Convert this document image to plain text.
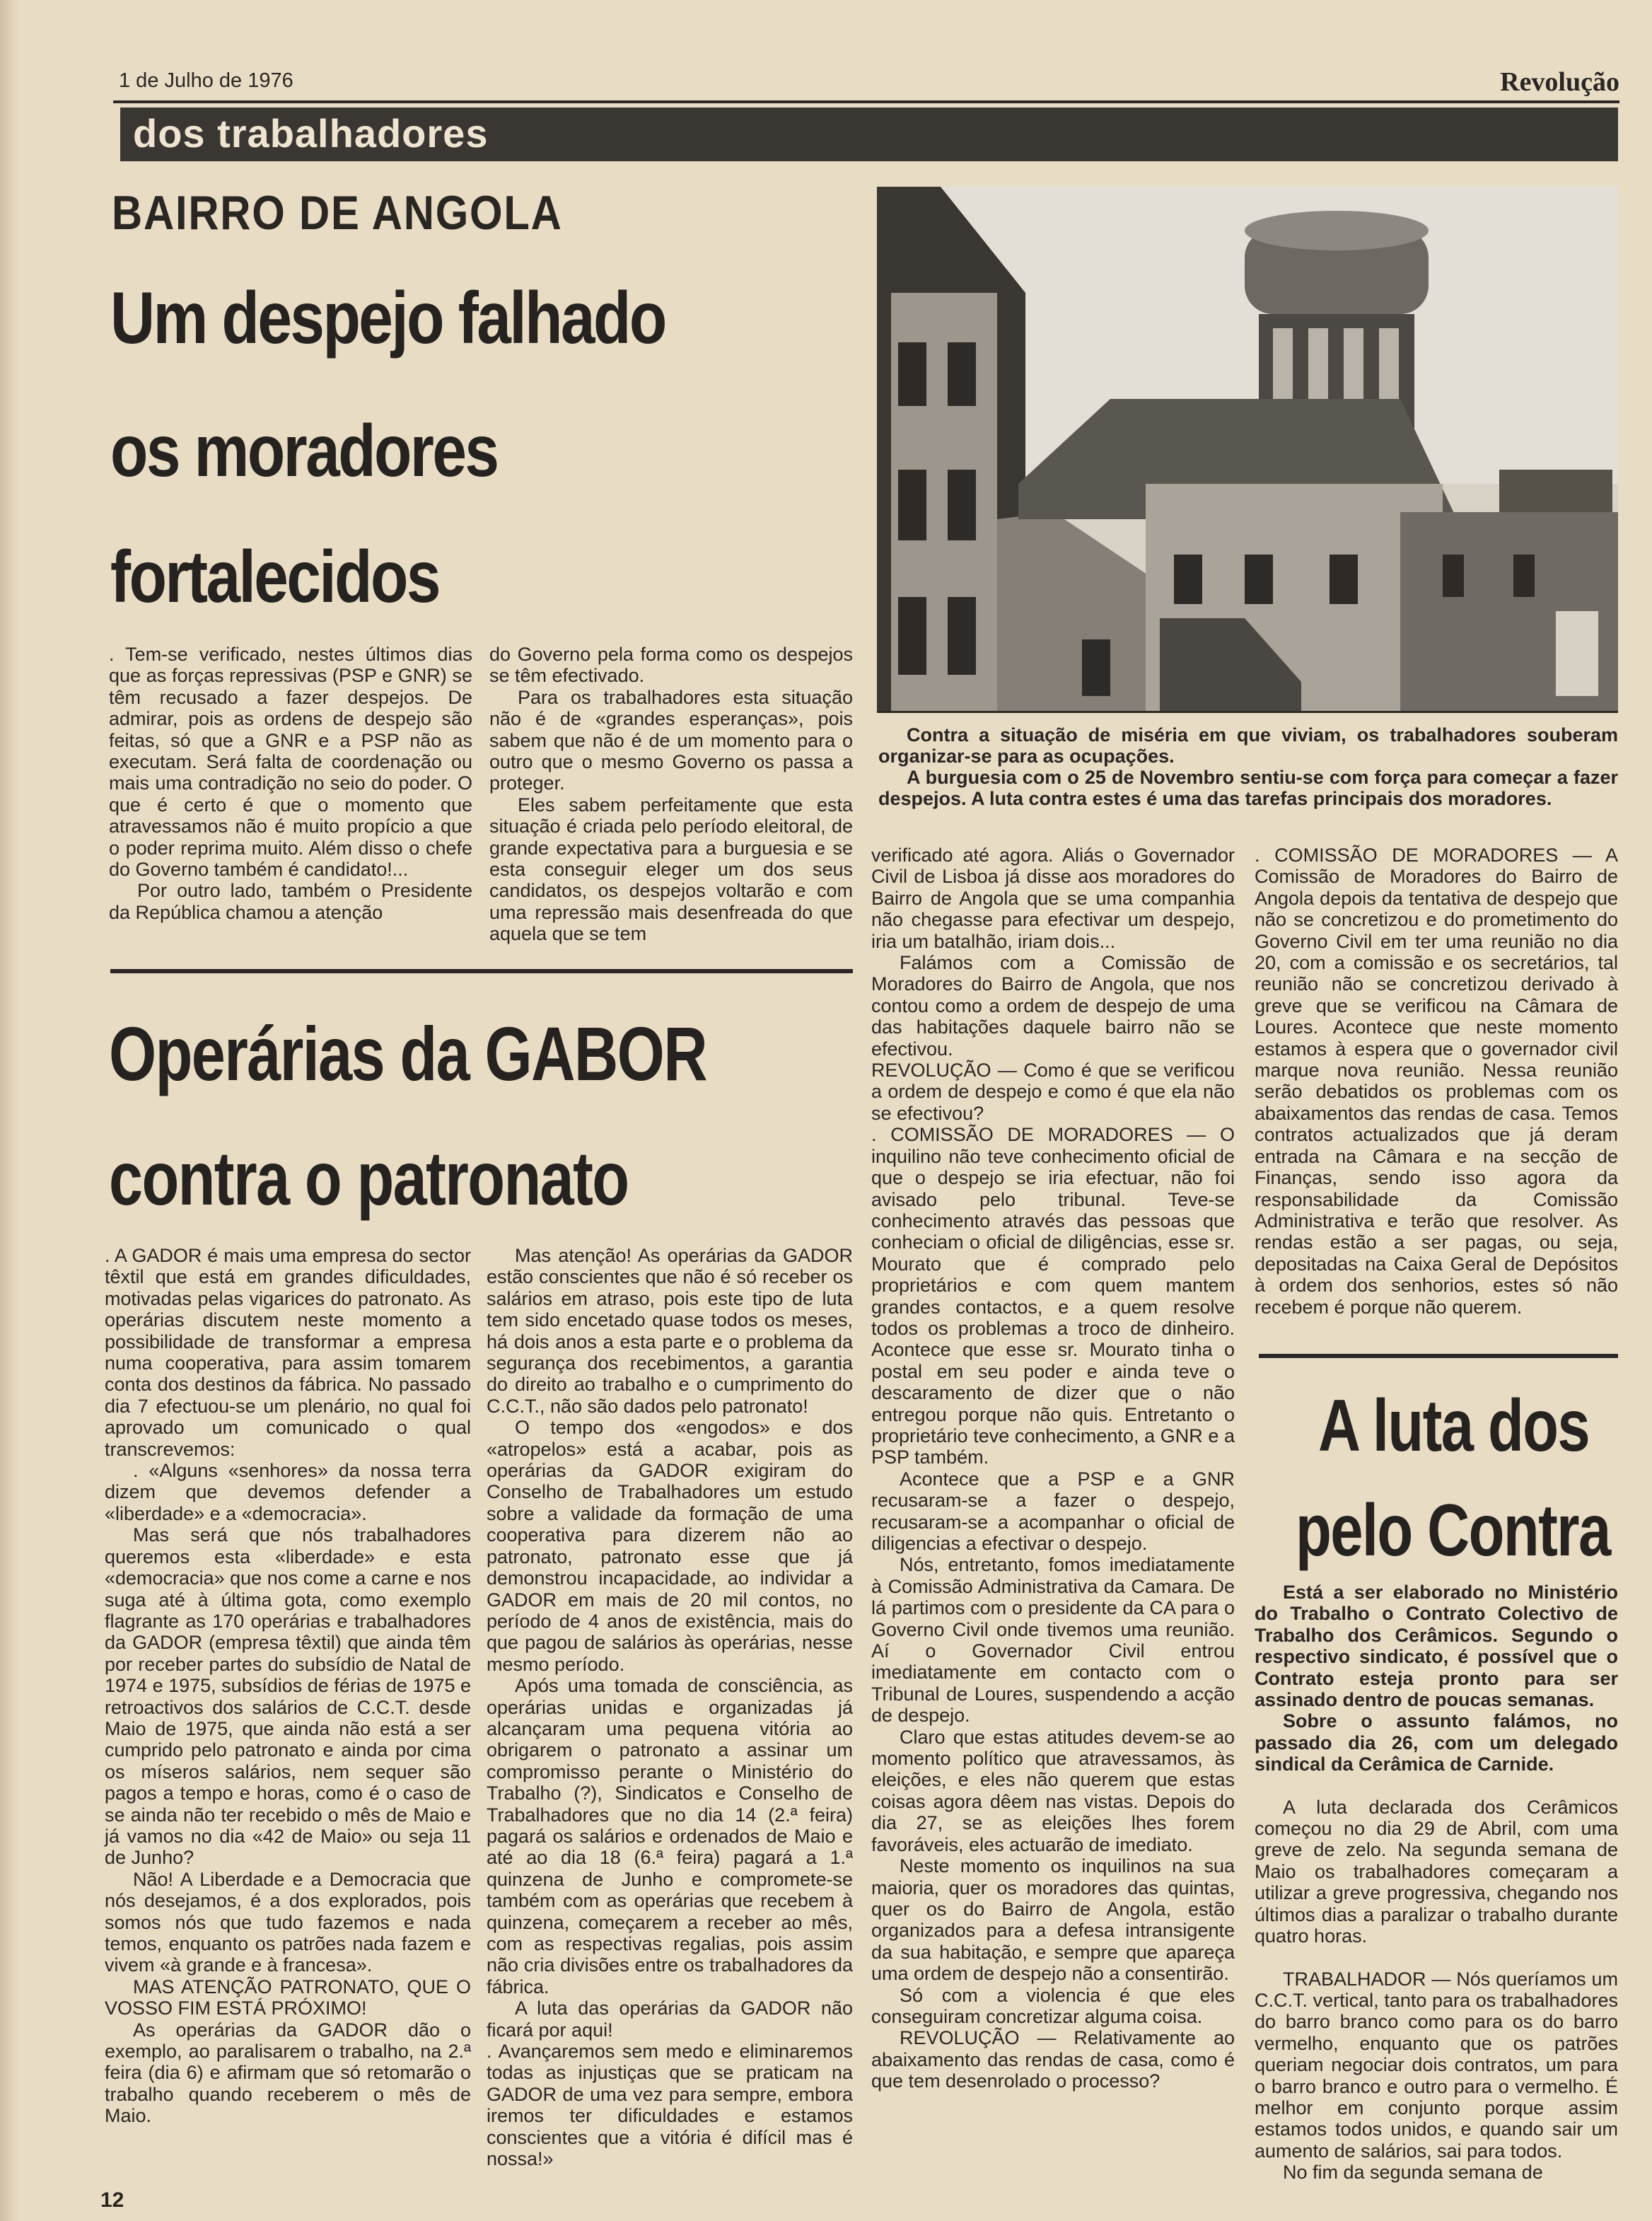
1 de Julho de 1976	Revolução
dos trabalhadores
BAIRRO DE ANGOLA
Um despejo falhado
os moradores
fortalecidos

. Tem-se verificado, nestes últimos dias que as forças repressivas (PSP e GNR) se têm recusado a fazer despejos. De admirar, pois as ordens de despejo são feitas, só que a GNR e a PSP não as executam. Será falta de coordenação ou mais uma contradição no seio do poder. O que é certo é que o momento que atravessamos não é muito propício a que o poder reprima muito. Além disso o chefe do Governo também é candidato!...

Por outro lado, também o Presidente da República chamou a atenção

do Governo pela forma como os despejos se têm efectivado.

Para os trabalhadores esta situação não é de «grandes esperanças», pois sabem que não é de um momento para o outro que o mesmo Governo os passa a proteger.

Eles sabem perfeitamente que esta situação é criada pelo período eleitoral, de grande expectativa para a burguesia e se esta conseguir eleger um dos seus candidatos, os despejos voltarão e com uma repressão mais desenfreada do que aquela que se tem

Contra a situação de miséria em que viviam, os trabalhadores souberam organizar-se para as ocupações.

A burguesia com o 25 de Novembro sentiu-se com força para começar a fazer despejos. A luta contra estes é uma das tarefas principais dos moradores.

verificado até agora. Aliás o Governador Civil de Lisboa já disse aos moradores do Bairro de Angola que se uma companhia não chegasse para efectivar um despejo, iria um batalhão, iriam dois...

Falámos com a Comissão de Moradores do Bairro de Angola, que nos contou como a ordem de despejo de uma das habitações daquele bairro não se efectivou.

REVOLUÇÃO — Como é que se verificou a ordem de despejo e como é que ela não se efectivou?

. COMISSÃO DE MORADORES — O inquilino não teve conhecimento oficial de que o despejo se iria efectuar, não foi avisado pelo tribunal. Teve-se conhecimento através das pessoas que conheciam o oficial de diligências, esse sr. Mourato que é comprado pelo proprietários e com quem mantem grandes contactos, e a quem resolve todos os problemas a troco de dinheiro. Acontece que esse sr. Mourato tinha o postal em seu poder e ainda teve o descaramento de dizer que o não entregou porque não quis. Entretanto o proprietário teve conhecimento, a GNR e a PSP também.

Acontece que a PSP e a GNR recusaram-se a fazer o despejo, recusaram-se a acompanhar o oficial de diligencias a efectivar o despejo.

Nós, entretanto, fomos imediatamente à Comissão Administrativa da Camara. De lá partimos com o presidente da CA para o Governo Civil onde tivemos uma reunião. Aí o Governador Civil entrou imediatamente em contacto com o Tribunal de Loures, suspendendo a acção de despejo.

Claro que estas atitudes devem-se ao momento político que atravessamos, às eleições, e eles não querem que estas coisas agora dêem nas vistas. Depois do dia 27, se as eleições lhes forem favoráveis, eles actuarão de imediato.

Neste momento os inquilinos na sua maioria, quer os moradores das quintas, quer os do Bairro de Angola, estão organizados para a defesa intransigente da sua habitação, e sempre que apareça uma ordem de despejo não a consentirão.

Só com a violencia é que eles conseguiram concretizar alguma coisa.

REVOLUÇÃO — Relativamente ao abaixamento das rendas de casa, como é que tem desenrolado o processo?

. COMISSÃO DE MORADORES — A Comissão de Moradores do Bairro de Angola depois da tentativa de despejo que não se concretizou e do prometimento do Governo Civil em ter uma reunião no dia 20, com a comissão e os secretários, tal reunião não se concretizou derivado à greve que se verificou na Câmara de Loures. Acontece que neste momento estamos à espera que o governador civil marque nova reunião. Nessa reunião serão debatidos os problemas com os abaixamentos das rendas de casa. Temos contratos actualizados que já deram entrada na Câmara e na secção de Finanças, sendo isso agora da responsabilidade da Comissão Administrativa e terão que resolver. As rendas estão a ser pagas, ou seja, depositadas na Caixa Geral de Depósitos à ordem dos senhorios, estes só não recebem é porque não querem.

Operárias da GABOR
contra o patronato

. A GADOR é mais uma empresa do sector têxtil que está em grandes dificuldades, motivadas pelas vigarices do patronato. As operárias discutem neste momento a possibilidade de transformar a empresa numa cooperativa, para assim tomarem conta dos destinos da fábrica. No passado dia 7 efectuou-se um plenário, no qual foi aprovado um comunicado o qual transcrevemos:

. «Alguns «senhores» da nossa terra dizem que devemos defender a «liberdade» e a «democracia».

Mas será que nós trabalhadores queremos esta «liberdade» e esta «democracia» que nos come a carne e nos suga até à última gota, como exemplo flagrante as 170 operárias e trabalhadores da GADOR (empresa têxtil) que ainda têm por receber partes do subsídio de Natal de 1974 e 1975, subsídios de férias de 1975 e retroactivos dos salários de C.C.T. desde Maio de 1975, que ainda não está a ser cumprido pelo patronato e ainda por cima os míseros salários, nem sequer são pagos a tempo e horas, como é o caso de se ainda não ter recebido o mês de Maio e já vamos no dia «42 de Maio» ou seja 11 de Junho?

Não! A Liberdade e a Democracia que nós desejamos, é a dos explorados, pois somos nós que tudo fazemos e nada temos, enquanto os patrões nada fazem e vivem «à grande e à francesa».

MAS ATENÇÃO PATRONATO, QUE O VOSSO FIM ESTÁ PRÓXIMO!

As operárias da GADOR dão o exemplo, ao paralisarem o trabalho, na 2.ª feira (dia 6) e afirmam que só retomarão o trabalho quando receberem o mês de Maio.

Mas atenção! As operárias da GADOR estão conscientes que não é só receber os salários em atraso, pois este tipo de luta tem sido encetado quase todos os meses, há dois anos a esta parte e o problema da segurança dos recebimentos, a garantia do direito ao trabalho e o cumprimento do C.C.T., não são dados pelo patronato!

O tempo dos «engodos» e dos «atropelos» está a acabar, pois as operárias da GADOR exigiram do Conselho de Trabalhadores um estudo sobre a validade da formação de uma cooperativa para dizerem não ao patronato, patronato esse que já demonstrou incapacidade, ao individar a GADOR em mais de 20 mil contos, no período de 4 anos de existência, mais do que pagou de salários às operárias, nesse mesmo período.

Após uma tomada de consciência, as operárias unidas e organizadas já alcançaram uma pequena vitória ao obrigarem o patronato a assinar um compromisso perante o Ministério do Trabalho (?), Sindicatos e Conselho de Trabalhadores que no dia 14 (2.ª feira) pagará os salários e ordenados de Maio e até ao dia 18 (6.ª feira) pagará a 1.ª quinzena de Junho e compromete-se também com as operárias que recebem à quinzena, começarem a receber ao mês, com as respectivas regalias, pois assim não cria divisões entre os trabalhadores da fábrica.

A luta das operárias da GADOR não ficará por aqui!

. Avançaremos sem medo e eliminaremos todas as injustiças que se praticam na GADOR de uma vez para sempre, embora iremos ter dificuldades e estamos conscientes que a vitória é difícil mas é nossa!»

A luta dos
pelo Contra

Está a ser elaborado no Ministério do Trabalho o Contrato Colectivo de Trabalho dos Cerâmicos. Segundo o respectivo sindicato, é possível que o Contrato esteja pronto para ser assinado dentro de poucas semanas.

Sobre o assunto falámos, no passado dia 26, com um delegado sindical da Cerâmica de Carnide.

A luta declarada dos Cerâmicos começou no dia 29 de Abril, com uma greve de zelo. Na segunda semana de Maio os trabalhadores começaram a utilizar a greve progressiva, chegando nos últimos dias a paralizar o trabalho durante quatro horas.

TRABALHADOR — Nós queríamos um C.C.T. vertical, tanto para os trabalhadores do barro branco como para os do barro vermelho, enquanto que os patrões queriam negociar dois contratos, um para o barro branco e outro para o vermelho. É melhor em conjunto porque assim estamos todos unidos, e quando sair um aumento de salários, sai para todos.

No fim da segunda semana de

12
